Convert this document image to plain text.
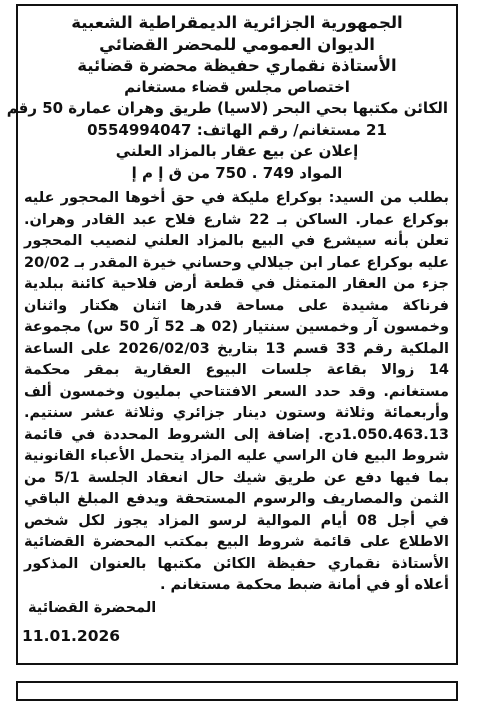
الجمهورية الجزائرية الديمقراطية الشعبية
الديوان العمومي للمحضر القضائي
الأستاذة نقماري حفيظة محضرة قضائية
اختصاص مجلس قضاء مستغانم
الكائن مكتبها بحي البحر (لاسيا) طريق وهران عمارة 50 رقم
21 مستغانم/ رقم الهاتف: 0554994047
إعلان عن بيع عقار بالمزاد العلني
المواد 749 . 750 من ق إ م إ

بطلب من السيد: بوكراع مليكة في حق أخوها المحجور عليه بوكراع عمار. الساكن بـ 22 شارع فلاح عبد القادر وهران. تعلن بأنه سيشرع في البيع بالمزاد العلني لنصيب المحجور عليه بوكراع عمار ابن جيلالي وحساني خيرة المقدر بـ 20/02 جزء من العقار المتمثل في قطعة أرض فلاحية كائنة ببلدية فرناكة مشيدة على مساحة قدرها اثنان هكتار واثنان وخمسون آر وخمسين سنتيار (02 هـ 52 آر 50 س) مجموعة الملكية رقم 33 قسم 13 بتاريخ 2026/02/03 على الساعة 14 زوالا بقاعة جلسات البيوع العقارية بمقر محكمة مستغانم. وقد حدد السعر الافتتاحي بمليون وخمسون ألف وأربعمائة وثلاثة وستون دينار جزائري وثلاثة عشر سنتيم. 1.050.463.13دج. إضافة إلى الشروط المحددة في قائمة شروط البيع فان الراسي عليه المزاد يتحمل الأعباء القانونية بما فيها دفع عن طريق شيك حال انعقاد الجلسة 5/1 من الثمن والمصاريف والرسوم المستحقة ويدفع المبلغ الباقي في أجل 08 أيام الموالية لرسو المزاد يجوز لكل شخص الاطلاع على قائمة شروط البيع بمكتب المحضرة القضائية الأستاذة نقماري حفيظة الكائن مكتبها بالعنوان المذكور أعلاه أو في أمانة ضبط محكمة مستغانم .

المحضرة القضائية
11.01.2026
